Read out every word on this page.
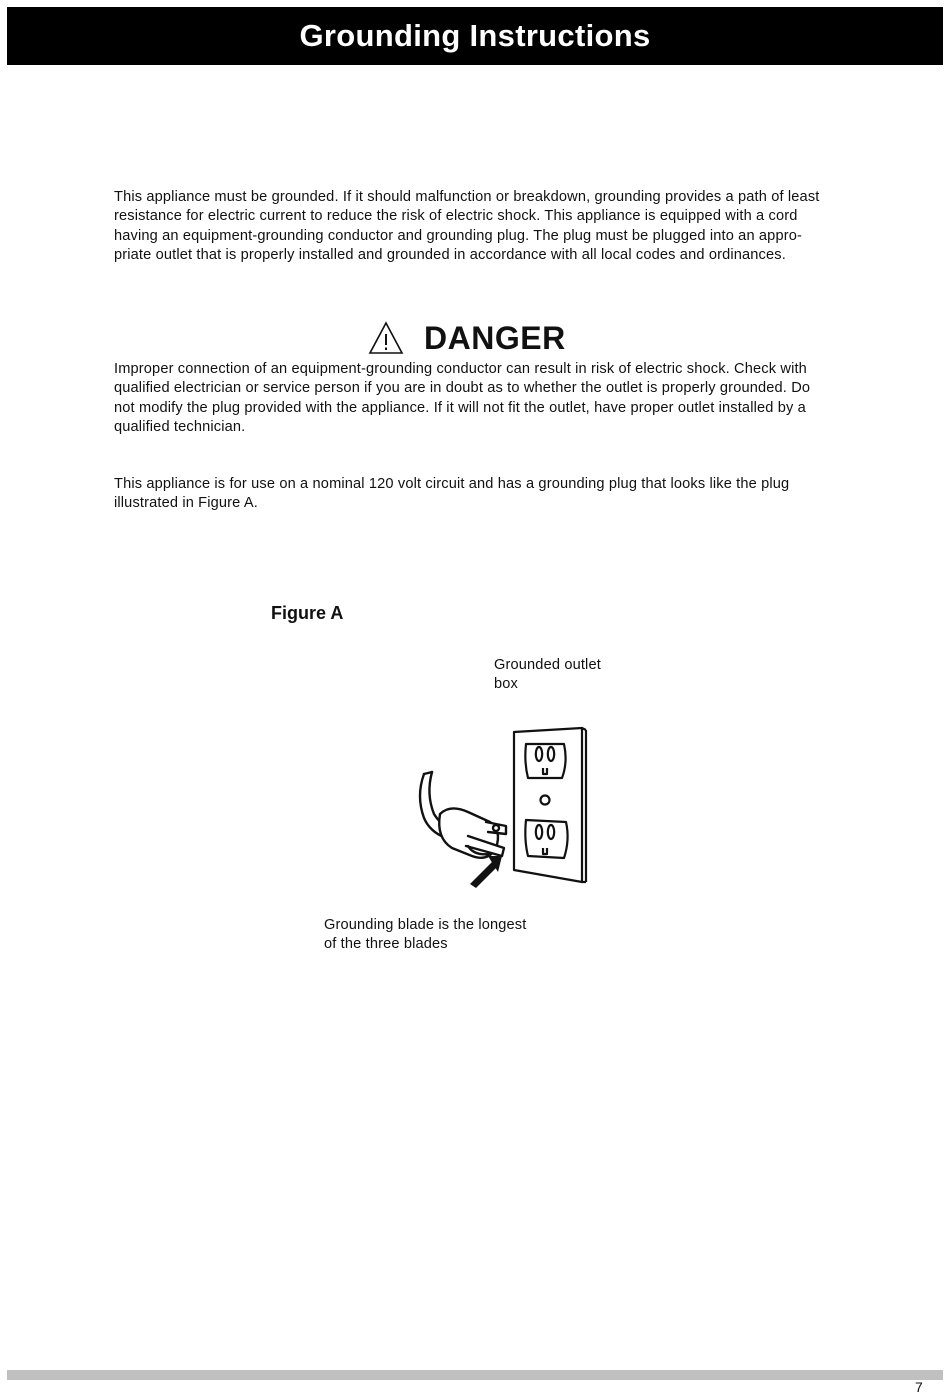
Grounding Instructions

This appliance must be grounded. If it should malfunction or breakdown, grounding provides a path of least
resistance for electric current to reduce the risk of electric shock. This appliance is equipped with a cord
having an equipment-grounding conductor and grounding plug. The plug must be plugged into an appro-
priate outlet that is properly installed and grounded in accordance with all local codes and ordinances.

DANGER

Improper connection of an equipment-grounding conductor can result in risk of electric shock. Check with
qualified electrician or service person if you are in doubt as to whether the outlet is properly grounded. Do
not modify the plug provided with the appliance. If it will not fit the outlet, have proper outlet installed by a
qualified technician.

This appliance is for use on a nominal 120 volt circuit and has a grounding plug that looks like the plug
illustrated in Figure A.

Figure A

Grounded outlet
box
Grounding blade is the longest
of the three blades
7
